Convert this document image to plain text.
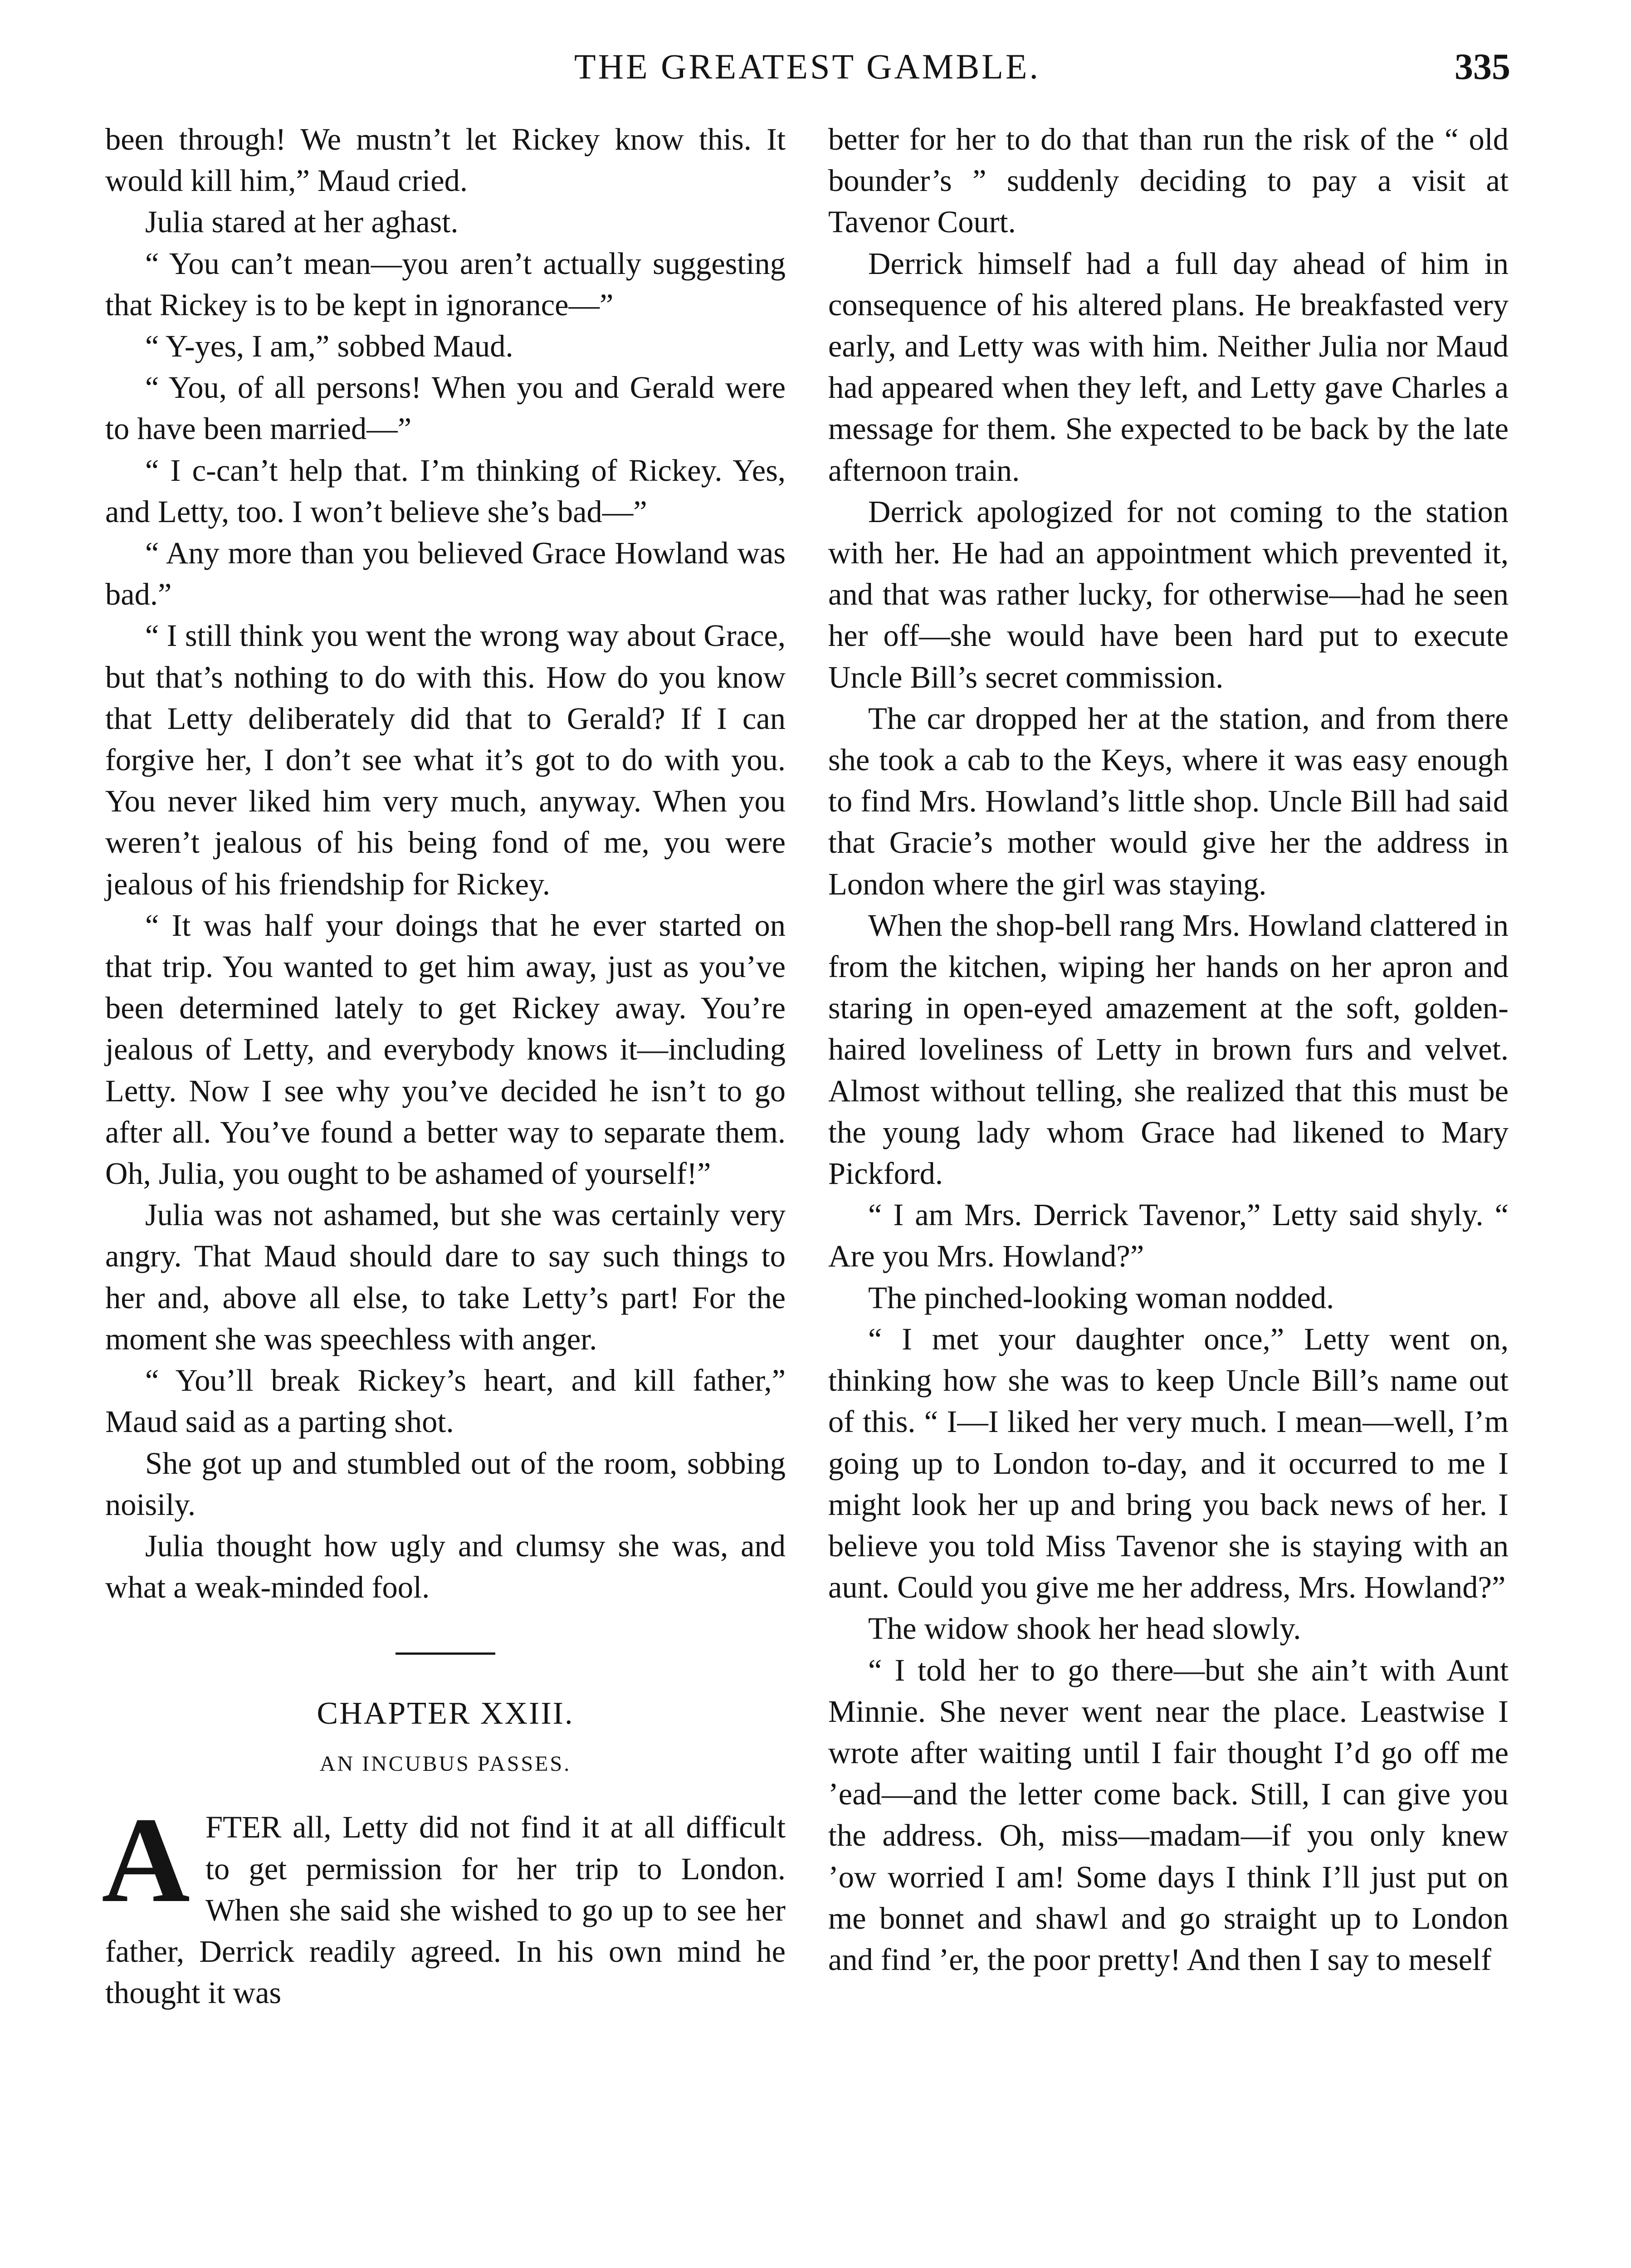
THE GREATEST GAMBLE.	335

been through! We mustn’t let Rickey know this. It would kill him,” Maud cried.

Julia stared at her aghast.

“ You can’t mean—you aren’t actually suggesting that Rickey is to be kept in ignorance—”

“ Y-yes, I am,” sobbed Maud.

“ You, of all persons! When you and Gerald were to have been married—”

“ I c-can’t help that. I’m thinking of Rickey. Yes, and Letty, too. I won’t believe she’s bad—”

“ Any more than you believed Grace Howland was bad.”

“ I still think you went the wrong way about Grace, but that’s nothing to do with this. How do you know that Letty deliberately did that to Gerald? If I can forgive her, I don’t see what it’s got to do with you. You never liked him very much, anyway. When you weren’t jealous of his being fond of me, you were jealous of his friendship for Rickey.

“ It was half your doings that he ever started on that trip. You wanted to get him away, just as you’ve been determined lately to get Rickey away. You’re jealous of Letty, and everybody knows it—including Letty. Now I see why you’ve decided he isn’t to go after all. You’ve found a better way to separate them. Oh, Julia, you ought to be ashamed of yourself!”

Julia was not ashamed, but she was certainly very angry. That Maud should dare to say such things to her and, above all else, to take Letty’s part! For the moment she was speechless with anger.

“ You’ll break Rickey’s heart, and kill father,” Maud said as a parting shot.

She got up and stumbled out of the room, sobbing noisily.

Julia thought how ugly and clumsy she was, and what a weak-minded fool.

CHAPTER XXIII.
AN INCUBUS PASSES.

A FTER all, Letty did not find it at all difficult to get permission for her trip to London. When she said she wished to go up to see her father, Derrick readily agreed. In his own mind he thought it was

better for her to do that than run the risk of the “ old bounder’s ” suddenly deciding to pay a visit at Tavenor Court.

Derrick himself had a full day ahead of him in consequence of his altered plans. He breakfasted very early, and Letty was with him. Neither Julia nor Maud had appeared when they left, and Letty gave Charles a message for them. She expected to be back by the late afternoon train.

Derrick apologized for not coming to the station with her. He had an appointment which prevented it, and that was rather lucky, for otherwise—had he seen her off—she would have been hard put to execute Uncle Bill’s secret commission.

The car dropped her at the station, and from there she took a cab to the Keys, where it was easy enough to find Mrs. Howland’s little shop. Uncle Bill had said that Gracie’s mother would give her the address in London where the girl was staying.

When the shop-bell rang Mrs. Howland clattered in from the kitchen, wiping her hands on her apron and staring in open-eyed amazement at the soft, golden-haired loveliness of Letty in brown furs and velvet. Almost without telling, she realized that this must be the young lady whom Grace had likened to Mary Pickford.

“ I am Mrs. Derrick Tavenor,” Letty said shyly. “ Are you Mrs. Howland?”

The pinched-looking woman nodded.

“ I met your daughter once,” Letty went on, thinking how she was to keep Uncle Bill’s name out of this. “ I—I liked her very much. I mean—well, I’m going up to London to-day, and it occurred to me I might look her up and bring you back news of her. I believe you told Miss Tavenor she is staying with an aunt. Could you give me her address, Mrs. Howland?”

The widow shook her head slowly.

“ I told her to go there—but she ain’t with Aunt Minnie. She never went near the place. Leastwise I wrote after waiting until I fair thought I’d go off me ’ead—and the letter come back. Still, I can give you the address. Oh, miss—madam—if you only knew ’ow worried I am! Some days I think I’ll just put on me bonnet and shawl and go straight up to London and find ’er, the poor pretty! And then I say to meself
